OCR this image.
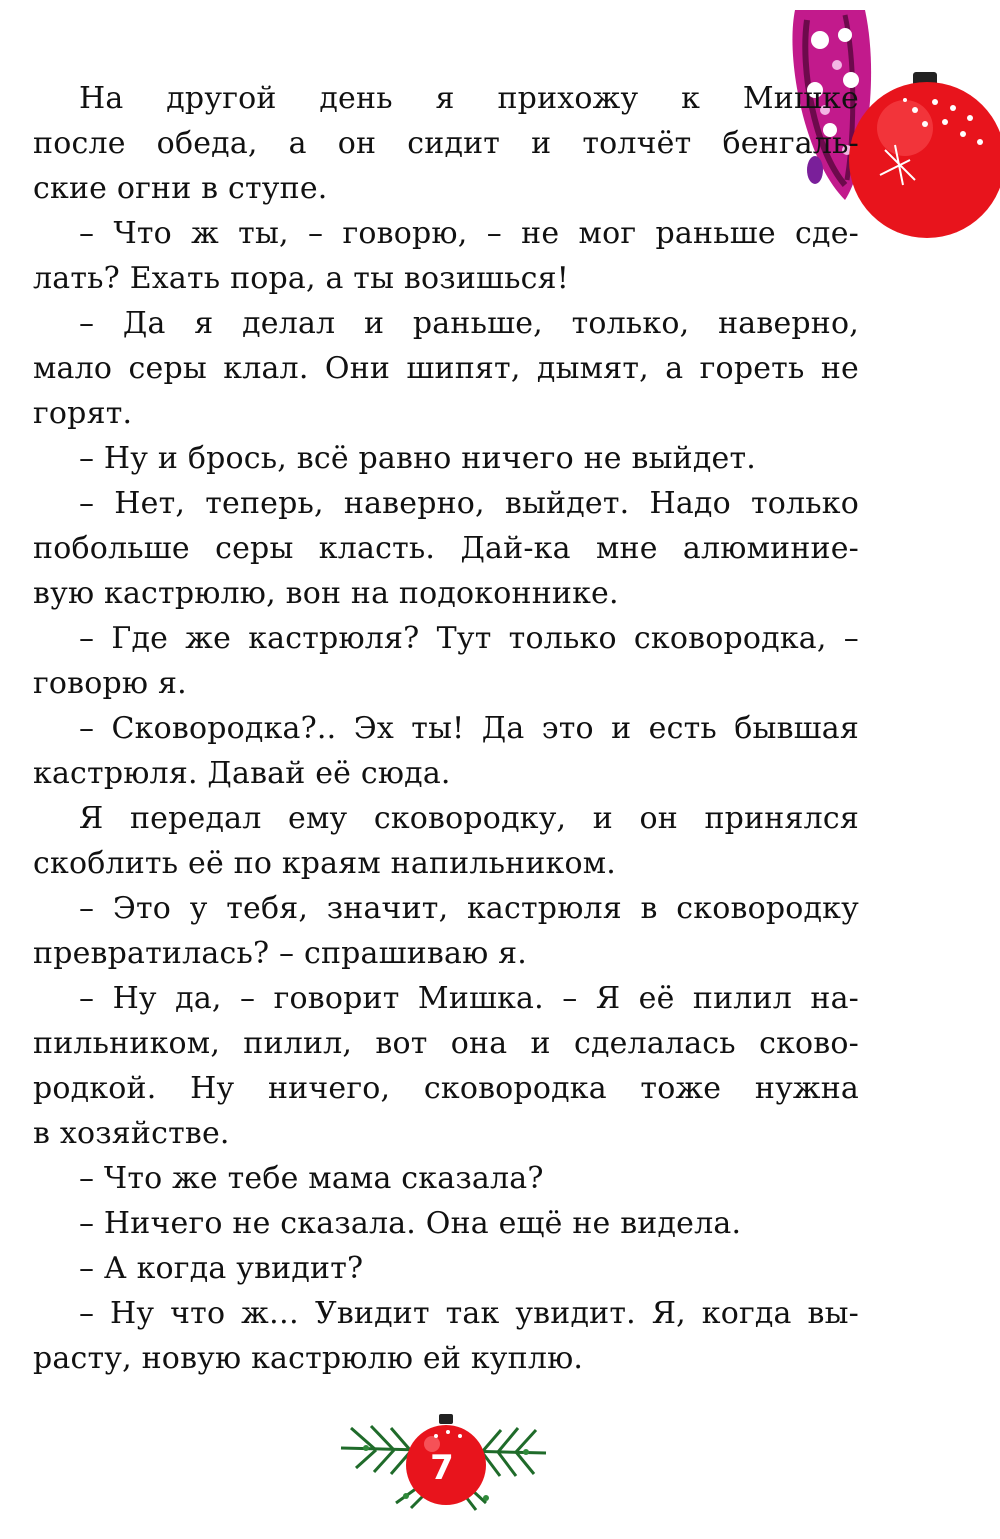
На другой день я прихожу к Мишке
после обеда, а он сидит и толчёт бенгаль-
ские огни в ступе.
– Что ж ты, – говорю, – не мог раньше сде-
лать? Ехать пора, а ты возишься!
– Да я делал и раньше, только, наверно,
мало серы клал. Они шипят, дымят, а гореть не
горят.
– Ну и брось, всё равно ничего не выйдет.
– Нет, теперь, наверно, выйдет. Надо только
побольше серы класть. Дай-ка мне алюминие-
вую кастрюлю, вон на подоконнике.
– Где же кастрюля? Тут только сковородка, –
говорю я.
– Сковородка?.. Эх ты! Да это и есть бывшая
кастрюля. Давай её сюда.
Я передал ему сковородку, и он принялся
скоблить её по краям напильником.
– Это у тебя, значит, кастрюля в сковородку
превратилась? – спрашиваю я.
– Ну да, – говорит Мишка. – Я её пилил на-
пильником, пилил, вот она и сделалась сково-
родкой. Ну ничего, сковородка тоже нужна
в хозяйстве.
– Что же тебе мама сказала?
– Ничего не сказала. Она ещё не видела.
– А когда увидит?
– Ну что ж… Увидит так увидит. Я, когда вы-
расту, новую кастрюлю ей куплю.
7
